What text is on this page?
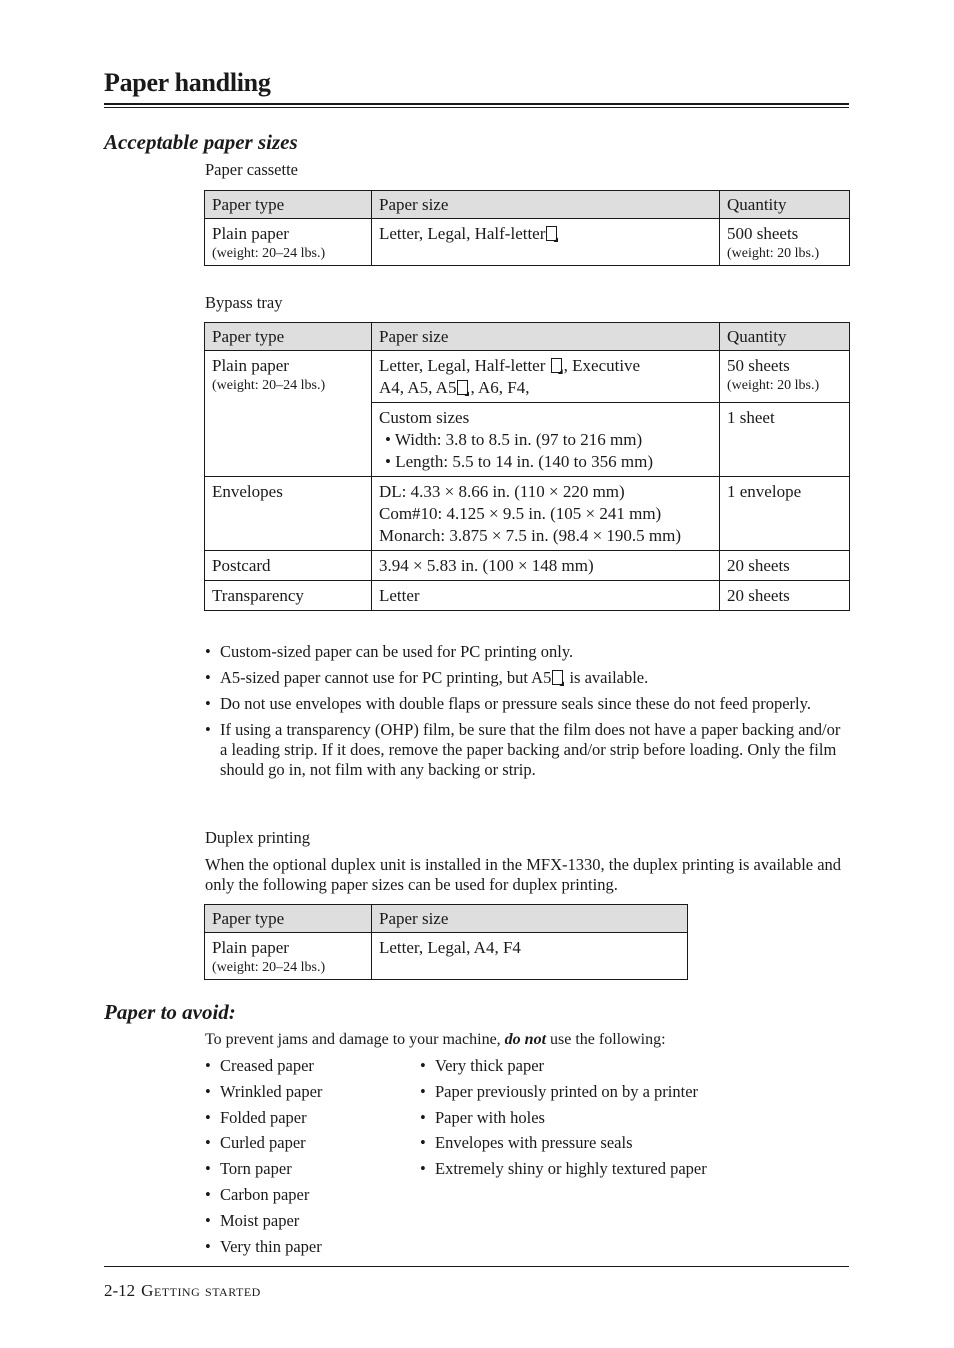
Paper handling
Acceptable paper sizes
Paper cassette
Paper type	Paper size	Quantity

Plain paper
(weight: 20–24 lbs.)	Letter, Legal, Half-letter	500 sheets
(weight: 20 lbs.)
Bypass tray
Paper type	Paper size	Quantity

Plain paper
(weight: 20–24 lbs.)	Letter, Legal, Half-letter , Executive
A4, A5, A5 , A6, F4,	50 sheets
(weight: 20 lbs.)

	Custom sizes
• Width: 3.8 to 8.5 in. (97 to 216 mm)
• Length: 5.5 to 14 in. (140 to 356 mm)	1 sheet
Envelopes	DL: 4.33 × 8.66 in. (110 × 220 mm)
Com#10: 4.125 × 9.5 in. (105 × 241 mm)
Monarch: 3.875 × 7.5 in. (98.4 × 190.5 mm)	1 envelope
Postcard	3.94 × 5.83 in. (100 × 148 mm)	20 sheets
Transparency	Letter	20 sheets
• Custom-sized paper can be used for PC printing only.
• A5-sized paper cannot use for PC printing, but A5 is available.
• Do not use envelopes with double flaps or pressure seals since these do not feed properly.
• If using a transparency (OHP) film, be sure that the film does not have a paper backing and/or a leading strip. If it does, remove the paper backing and/or strip before loading. Only the film should go in, not film with any backing or strip.
Duplex printing
When the optional duplex unit is installed in the MFX-1330, the duplex printing is available and only the following paper sizes can be used for duplex printing.
Paper type	Paper size

Plain paper
(weight: 20–24 lbs.)	Letter, Legal, A4, F4
Paper to avoid:
To prevent jams and damage to your machine, do not use the following:
• Creased paper
• Wrinkled paper
• Folded paper
• Curled paper
• Torn paper
• Carbon paper
• Moist paper
• Very thin paper
• Very thick paper
• Paper previously printed on by a printer
• Paper with holes
• Envelopes with pressure seals
• Extremely shiny or highly textured paper
2-12 Getting started
